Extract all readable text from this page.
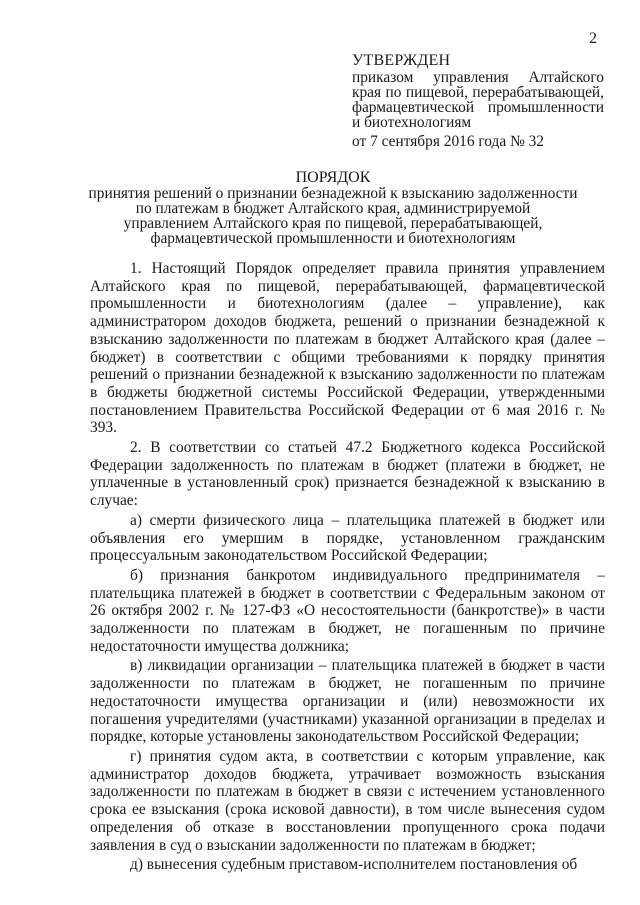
2
УТВЕРЖДЕН
приказом управления Алтайского
края по пищевой, перерабатывающей,
фармацевтической промышленности
и биотехнологиям
от 7 сентября 2016 года № 32
ПОРЯДОК
принятия решений о признании безнадежной к взысканию задолженности
по платежам в бюджет Алтайского края, администрируемой
управлением Алтайского края по пищевой, перерабатывающей,
фармацевтической промышленности и биотехнологиям

1. Настоящий Порядок определяет правила принятия управлением Алтайского края по пищевой, перерабатывающей, фармацевтической промышленности и биотехнологиям (далее – управление), как администратором доходов бюджета, решений о признании безнадежной к взысканию задолженности по платежам в бюджет Алтайского края (далее – бюджет) в соответствии с общими требованиями к порядку принятия решений о признании безнадежной к взысканию задолженности по платежам в бюджеты бюджетной системы Российской Федерации, утвержденными постановлением Правительства Российской Федерации от 6 мая 2016 г. № 393.

2. В соответствии со статьей 47.2 Бюджетного кодекса Российской Федерации задолженность по платежам в бюджет (платежи в бюджет, не уплаченные в установленный срок) признается безнадежной к взысканию в случае:

а) смерти физического лица – плательщика платежей в бюджет или объявления его умершим в порядке, установленном гражданским процессуальным законодательством Российской Федерации;

б) признания банкротом индивидуального предпринимателя – плательщика платежей в бюджет в соответствии с Федеральным законом от 26 октября 2002 г. № 127-ФЗ «О несостоятельности (банкротстве)» в части задолженности по платежам в бюджет, не погашенным по причине недостаточности имущества должника;

в) ликвидации организации – плательщика платежей в бюджет в части задолженности по платежам в бюджет, не погашенным по причине недостаточности имущества организации и (или) невозможности их погашения учредителями (участниками) указанной организации в пределах и порядке, которые установлены законодательством Российской Федерации;

г) принятия судом акта, в соответствии с которым управление, как администратор доходов бюджета, утрачивает возможность взыскания задолженности по платежам в бюджет в связи с истечением установленного срока ее взыскания (срока исковой давности), в том числе вынесения судом определения об отказе в восстановлении пропущенного срока подачи заявления в суд о взыскании задолженности по платежам в бюджет;

д) вынесения судебным приставом-исполнителем постановления об
